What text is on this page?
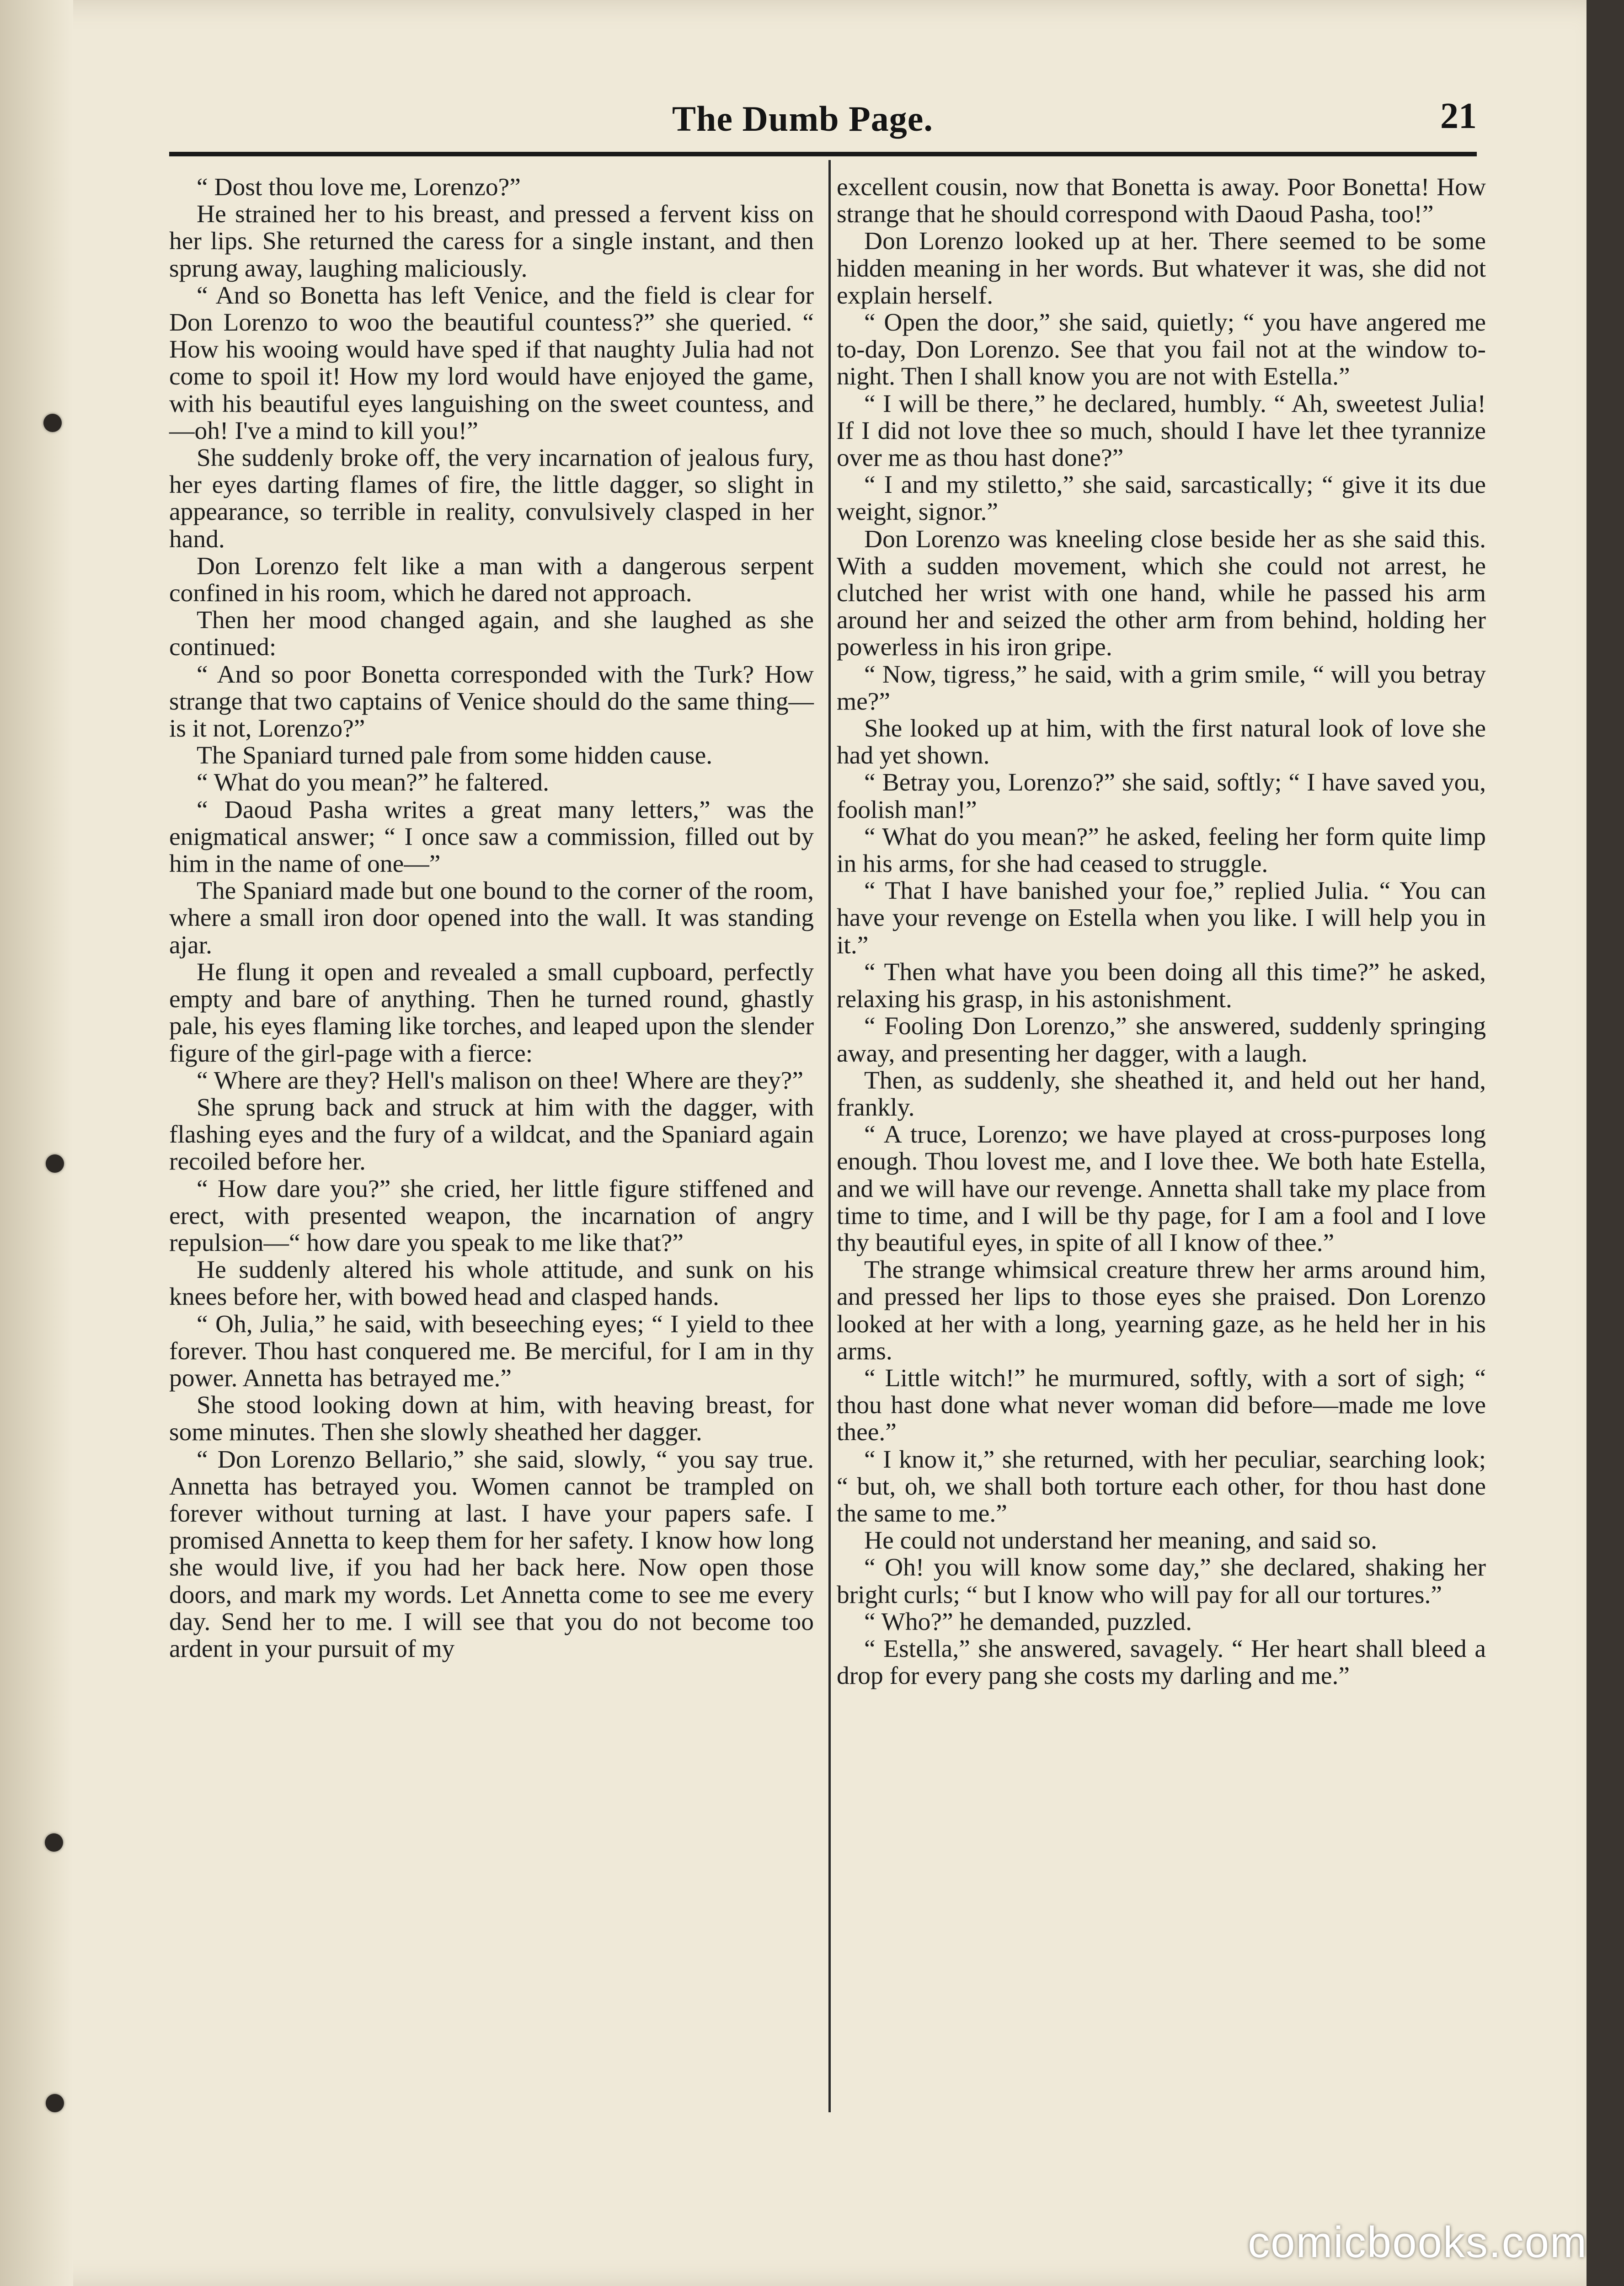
The Dumb Page.	21

“ Dost thou love me, Lorenzo?”

He strained her to his breast, and pressed a fervent kiss on her lips. She returned the caress for a single instant, and then sprung away, laughing maliciously.

“ And so Bonetta has left Venice, and the field is clear for Don Lorenzo to woo the beautiful countess?” she queried. “ How his wooing would have sped if that naughty Julia had not come to spoil it! How my lord would have enjoyed the game, with his beautiful eyes languishing on the sweet countess, and—oh! I've a mind to kill you!”

She suddenly broke off, the very incarnation of jealous fury, her eyes darting flames of fire, the little dagger, so slight in appearance, so terrible in reality, convulsively clasped in her hand.

Don Lorenzo felt like a man with a dangerous serpent confined in his room, which he dared not approach.

Then her mood changed again, and she laughed as she continued:

“ And so poor Bonetta corresponded with the Turk? How strange that two captains of Venice should do the same thing—is it not, Lorenzo?”

The Spaniard turned pale from some hidden cause.

“ What do you mean?” he faltered.

“ Daoud Pasha writes a great many letters,” was the enigmatical answer; “ I once saw a commission, filled out by him in the name of one—”

The Spaniard made but one bound to the corner of the room, where a small iron door opened into the wall. It was standing ajar.

He flung it open and revealed a small cupboard, perfectly empty and bare of anything. Then he turned round, ghastly pale, his eyes flaming like torches, and leaped upon the slender figure of the girl-page with a fierce:

“ Where are they? Hell's malison on thee! Where are they?”

She sprung back and struck at him with the dagger, with flashing eyes and the fury of a wildcat, and the Spaniard again recoiled before her.

“ How dare you?” she cried, her little figure stiffened and erect, with presented weapon, the incarnation of angry repulsion—“ how dare you speak to me like that?”

He suddenly altered his whole attitude, and sunk on his knees before her, with bowed head and clasped hands.

“ Oh, Julia,” he said, with beseeching eyes; “ I yield to thee forever. Thou hast conquered me. Be merciful, for I am in thy power. Annetta has betrayed me.”

She stood looking down at him, with heaving breast, for some minutes. Then she slowly sheathed her dagger.

“ Don Lorenzo Bellario,” she said, slowly, “ you say true. Annetta has betrayed you. Women cannot be trampled on forever without turning at last. I have your papers safe. I promised Annetta to keep them for her safety. I know how long she would live, if you had her back here. Now open those doors, and mark my words. Let Annetta come to see me every day. Send her to me. I will see that you do not become too ardent in your pursuit of my

excellent cousin, now that Bonetta is away. Poor Bonetta! How strange that he should correspond with Daoud Pasha, too!”

Don Lorenzo looked up at her. There seemed to be some hidden meaning in her words. But whatever it was, she did not explain herself.

“ Open the door,” she said, quietly; “ you have angered me to-day, Don Lorenzo. See that you fail not at the window to-night. Then I shall know you are not with Estella.”

“ I will be there,” he declared, humbly. “ Ah, sweetest Julia! If I did not love thee so much, should I have let thee tyrannize over me as thou hast done?”

“ I and my stiletto,” she said, sarcastically; “ give it its due weight, signor.”

Don Lorenzo was kneeling close beside her as she said this. With a sudden movement, which she could not arrest, he clutched her wrist with one hand, while he passed his arm around her and seized the other arm from behind, holding her powerless in his iron gripe.

“ Now, tigress,” he said, with a grim smile, “ will you betray me?”

She looked up at him, with the first natural look of love she had yet shown.

“ Betray you, Lorenzo?” she said, softly; “ I have saved you, foolish man!”

“ What do you mean?” he asked, feeling her form quite limp in his arms, for she had ceased to struggle.

“ That I have banished your foe,” replied Julia. “ You can have your revenge on Estella when you like. I will help you in it.”

“ Then what have you been doing all this time?” he asked, relaxing his grasp, in his astonishment.

“ Fooling Don Lorenzo,” she answered, suddenly springing away, and presenting her dagger, with a laugh.

Then, as suddenly, she sheathed it, and held out her hand, frankly.

“ A truce, Lorenzo; we have played at cross-purposes long enough. Thou lovest me, and I love thee. We both hate Estella, and we will have our revenge. Annetta shall take my place from time to time, and I will be thy page, for I am a fool and I love thy beautiful eyes, in spite of all I know of thee.”

The strange whimsical creature threw her arms around him, and pressed her lips to those eyes she praised. Don Lorenzo looked at her with a long, yearning gaze, as he held her in his arms.

“ Little witch!” he murmured, softly, with a sort of sigh; “ thou hast done what never woman did before—made me love thee.”

“ I know it,” she returned, with her peculiar, searching look; “ but, oh, we shall both torture each other, for thou hast done the same to me.”

He could not understand her meaning, and said so.

“ Oh! you will know some day,” she declared, shaking her bright curls; “ but I know who will pay for all our tortures.”

“ Who?” he demanded, puzzled.

“ Estella,” she answered, savagely. “ Her heart shall bleed a drop for every pang she costs my darling and me.”

comicbooks.com
